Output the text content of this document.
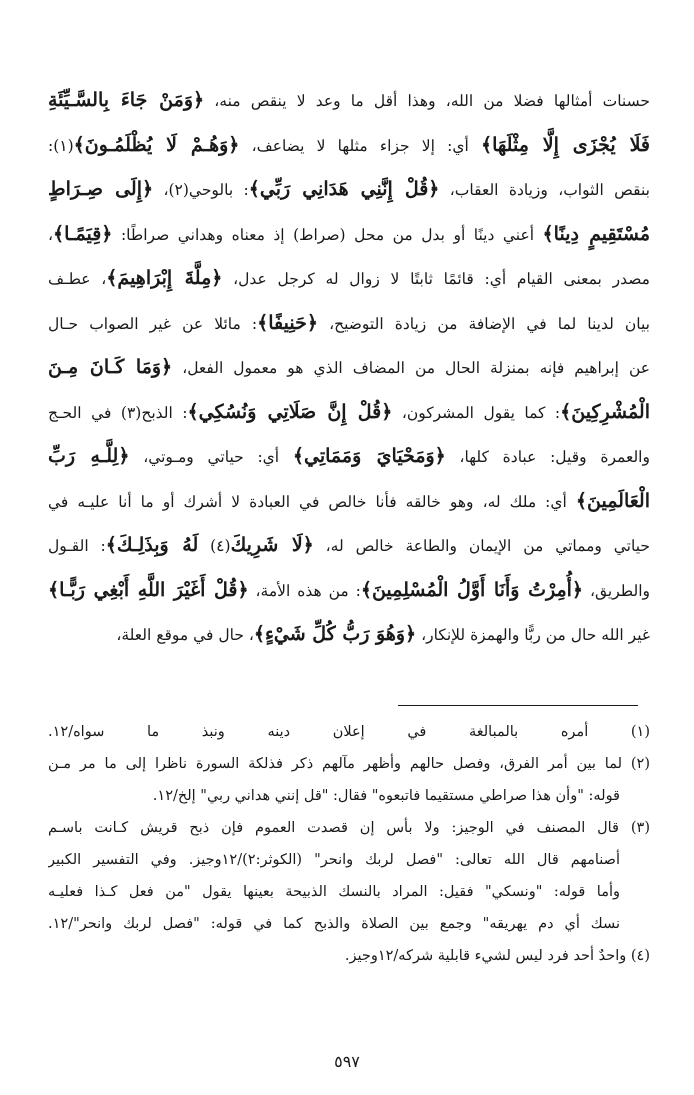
حسنات أمثالها فضلا من الله، وهذا أقل ما وعد لا ينقص منه، ﴿وَمَنْ جَاءَ بِالسَّـيِّئَةِ
فَلَا يُجْزَى إِلَّا مِثْلَهَا﴾ أي: إلا جزاء مثلها لا يضاعف، ﴿وَهُـمْ لَا يُظْلَمُـونَ﴾(١):
بنقص الثواب، وزيادة العقاب، ﴿قُلْ إِنَّنِي هَدَانِي رَبِّي﴾: بالوحي(٢)، ﴿إِلَى صِـرَاطٍ
مُسْتَقِيمٍ دِينًا﴾ أعني دينًا أو بدل من محل (صراط) إذ معناه وهداني صراطًا: ﴿قِيَمًـا﴾،
مصدر بمعنى القيام أي: قائمًا ثابتًا لا زوال له كرجل عدل، ﴿مِلَّةَ إِبْرَاهِيمَ﴾، عطـف
بيان لدينا لما في الإضافة من زيادة التوضيح، ﴿حَنِيفًا﴾: مائلا عن غير الصواب حـال
عن إبراهيم فإنه بمنزلة الحال من المضاف الذي هو معمول الفعل، ﴿وَمَا كَـانَ مِـنَ
الْمُشْرِكِينَ﴾: كما يقول المشركون، ﴿قُلْ إِنَّ صَلَاتِي وَنُسُكِي﴾: الذبح(٣) في الحـج
والعمرة وقيل: عبادة كلها، ﴿وَمَحْيَايَ وَمَمَاتِي﴾ أي: حياتي ومـوتي، ﴿لِلَّـهِ رَبِّ
الْعَالَمِينَ﴾ أي: ملك له، وهو خالقه فأنا خالص في العبادة لا أشرك أو ما أنا عليـه في
حياتي ومماتي من الإيمان والطاعة خالص له، ﴿لَا شَرِيكَ(٤) لَهُ وَبِذَلِـكَ﴾: القـول
والطريق، ﴿أُمِرْتُ وَأَنَا أَوَّلُ الْمُسْلِمِينَ﴾: من هذه الأمة، ﴿قُلْ أَغَيْرَ اللَّهِ أَبْغِي رَبًّـا﴾
غير الله حال من ربًّا والهمزة للإنكار، ﴿وَهُوَ رَبُّ كُلِّ شَيْءٍ﴾، حال في موقع العلة،
(١) أمره بالمبالغة في إعلان دينه ونبذ ما سواه/١٢.
(٢) لما بين أمر الفرق، وفصل حالهم وأظهر مآلهم ذكر فذلكة السورة ناظرا إلى ما مر مـن
قوله: "وأن هذا صراطي مستقيما فاتبعوه" فقال: "قل إنني هداني ربي" إلخ/١٢.
(٣) قال المصنف في الوجيز: ولا بأس إن قصدت العموم فإن ذبح قريش كـانت باسـم
أصنامهم قال الله تعالى: "فصل لربك وانحر" (الكوثر:٢)/١٢وجيز. وفي التفسير الكبير
وأما قوله: "ونسكي" فقيل: المراد بالنسك الذبيحة بعينها يقول "من فعل كـذا فعليـه
نسك أي دم يهريقه" وجمع بين الصلاة والذبح كما في قوله: "فصل لربك وانحر"/١٢.
(٤) واحدٌ أحد فرد ليس لشيء قابلية شركه/١٢وجيز.
٥٩٧
